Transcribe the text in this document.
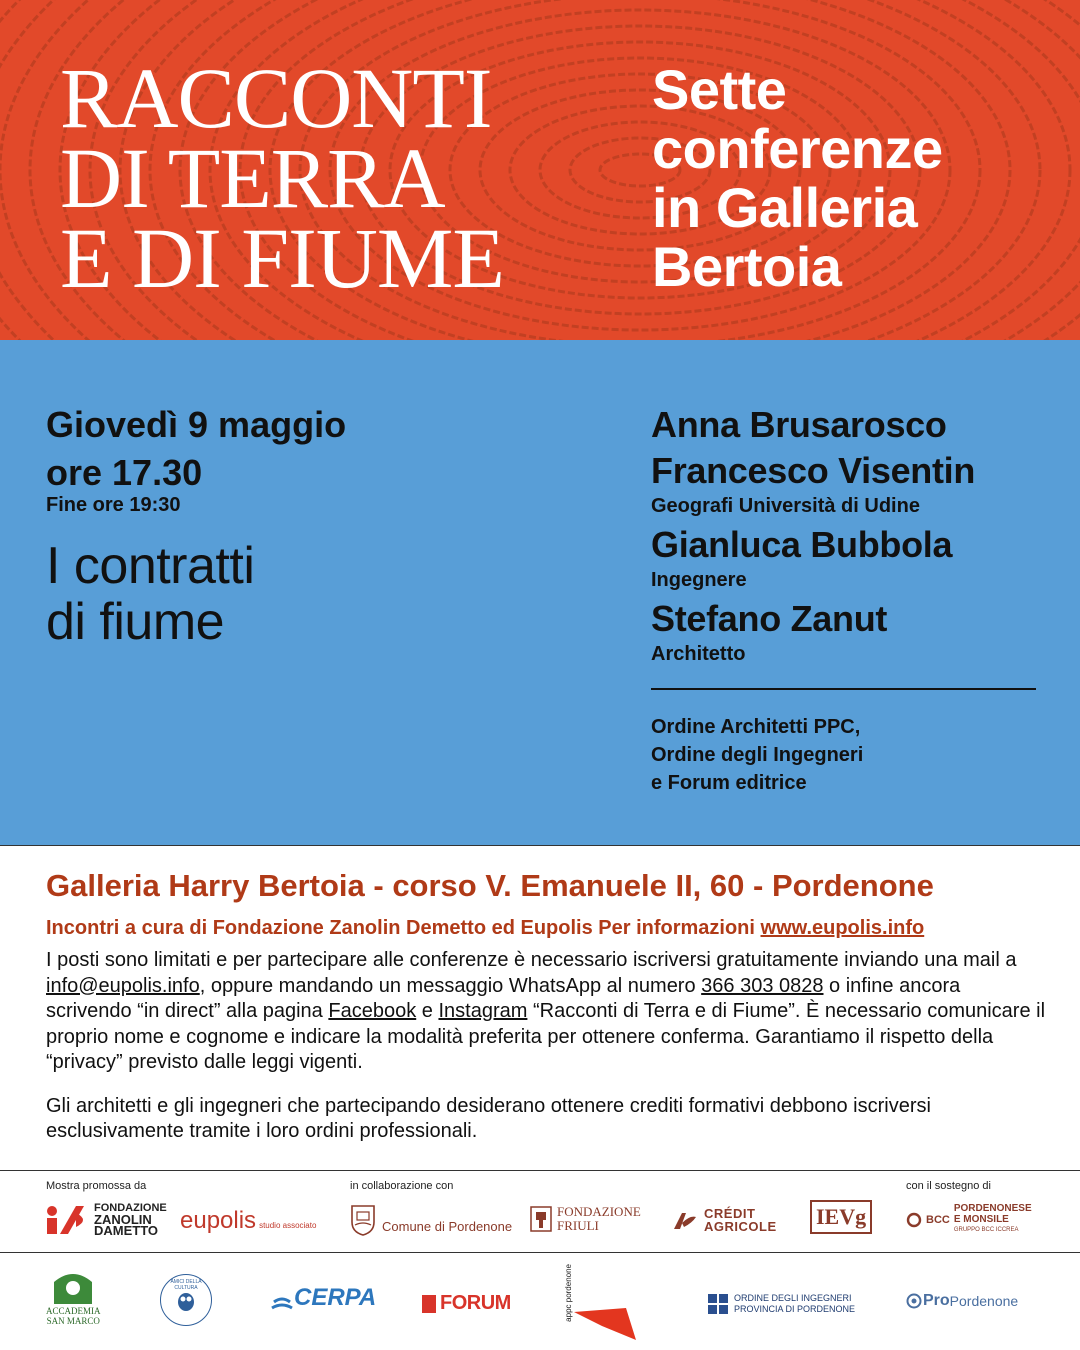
RACCONTI
DI TERRA
E DI FIUME
Sette
conferenze
in Galleria
Bertoia
Giovedì 9 maggio
ore 17.30
Fine ore 19:30
I contratti
di fiume
Anna Brusarosco
Francesco Visentin
Geografi Università di Udine
Gianluca Bubbola
Ingegnere
Stefano Zanut
Architetto
Ordine Architetti PPC,
Ordine degli Ingegneri
e Forum editrice
Galleria Harry Bertoia - corso V. Emanuele II, 60 - Pordenone
Incontri a cura di Fondazione Zanolin Demetto ed Eupolis Per informazioni www.eupolis.info

I posti sono limitati e per partecipare alle conferenze è necessario iscriversi gratuitamente inviando una mail a info@eupolis.info, oppure mandando un messaggio WhatsApp al numero 366 303 0828 o infine ancora scrivendo “in direct” alla pagina Facebook e Instagram “Racconti di Terra e di Fiume”. È necessario comunicare il proprio nome e cognome e indicare la modalità preferita per ottenere conferma. Garantiamo il rispetto della “privacy” previsto dalle leggi vigenti.

Gli architetti e gli ingegneri che partecipando desiderano ottenere crediti formativi debbono iscriversi esclusivamente tramite i loro ordini professionali.

Mostra promossa da	in collaborazione con	con il sostegno di
FONDAZIONE
ZANOLIN
DAMETTO eupolis studio associato	Comune di Pordenone
FONDAZIONE
FRIULI
CRÉDIT
AGRICOLE IEVg	BCC
PORDENONESE
E MONSILE
GRUPPO BCC ICCREA
ACCADEMIA
SAN MARCO
AMICI DELLA CULTURA	CERPA	FORUM	appc pordenone	ORDINE DEGLI INGEGNERI
PROVINCIA DI PORDENONE	Pro Pordenone
